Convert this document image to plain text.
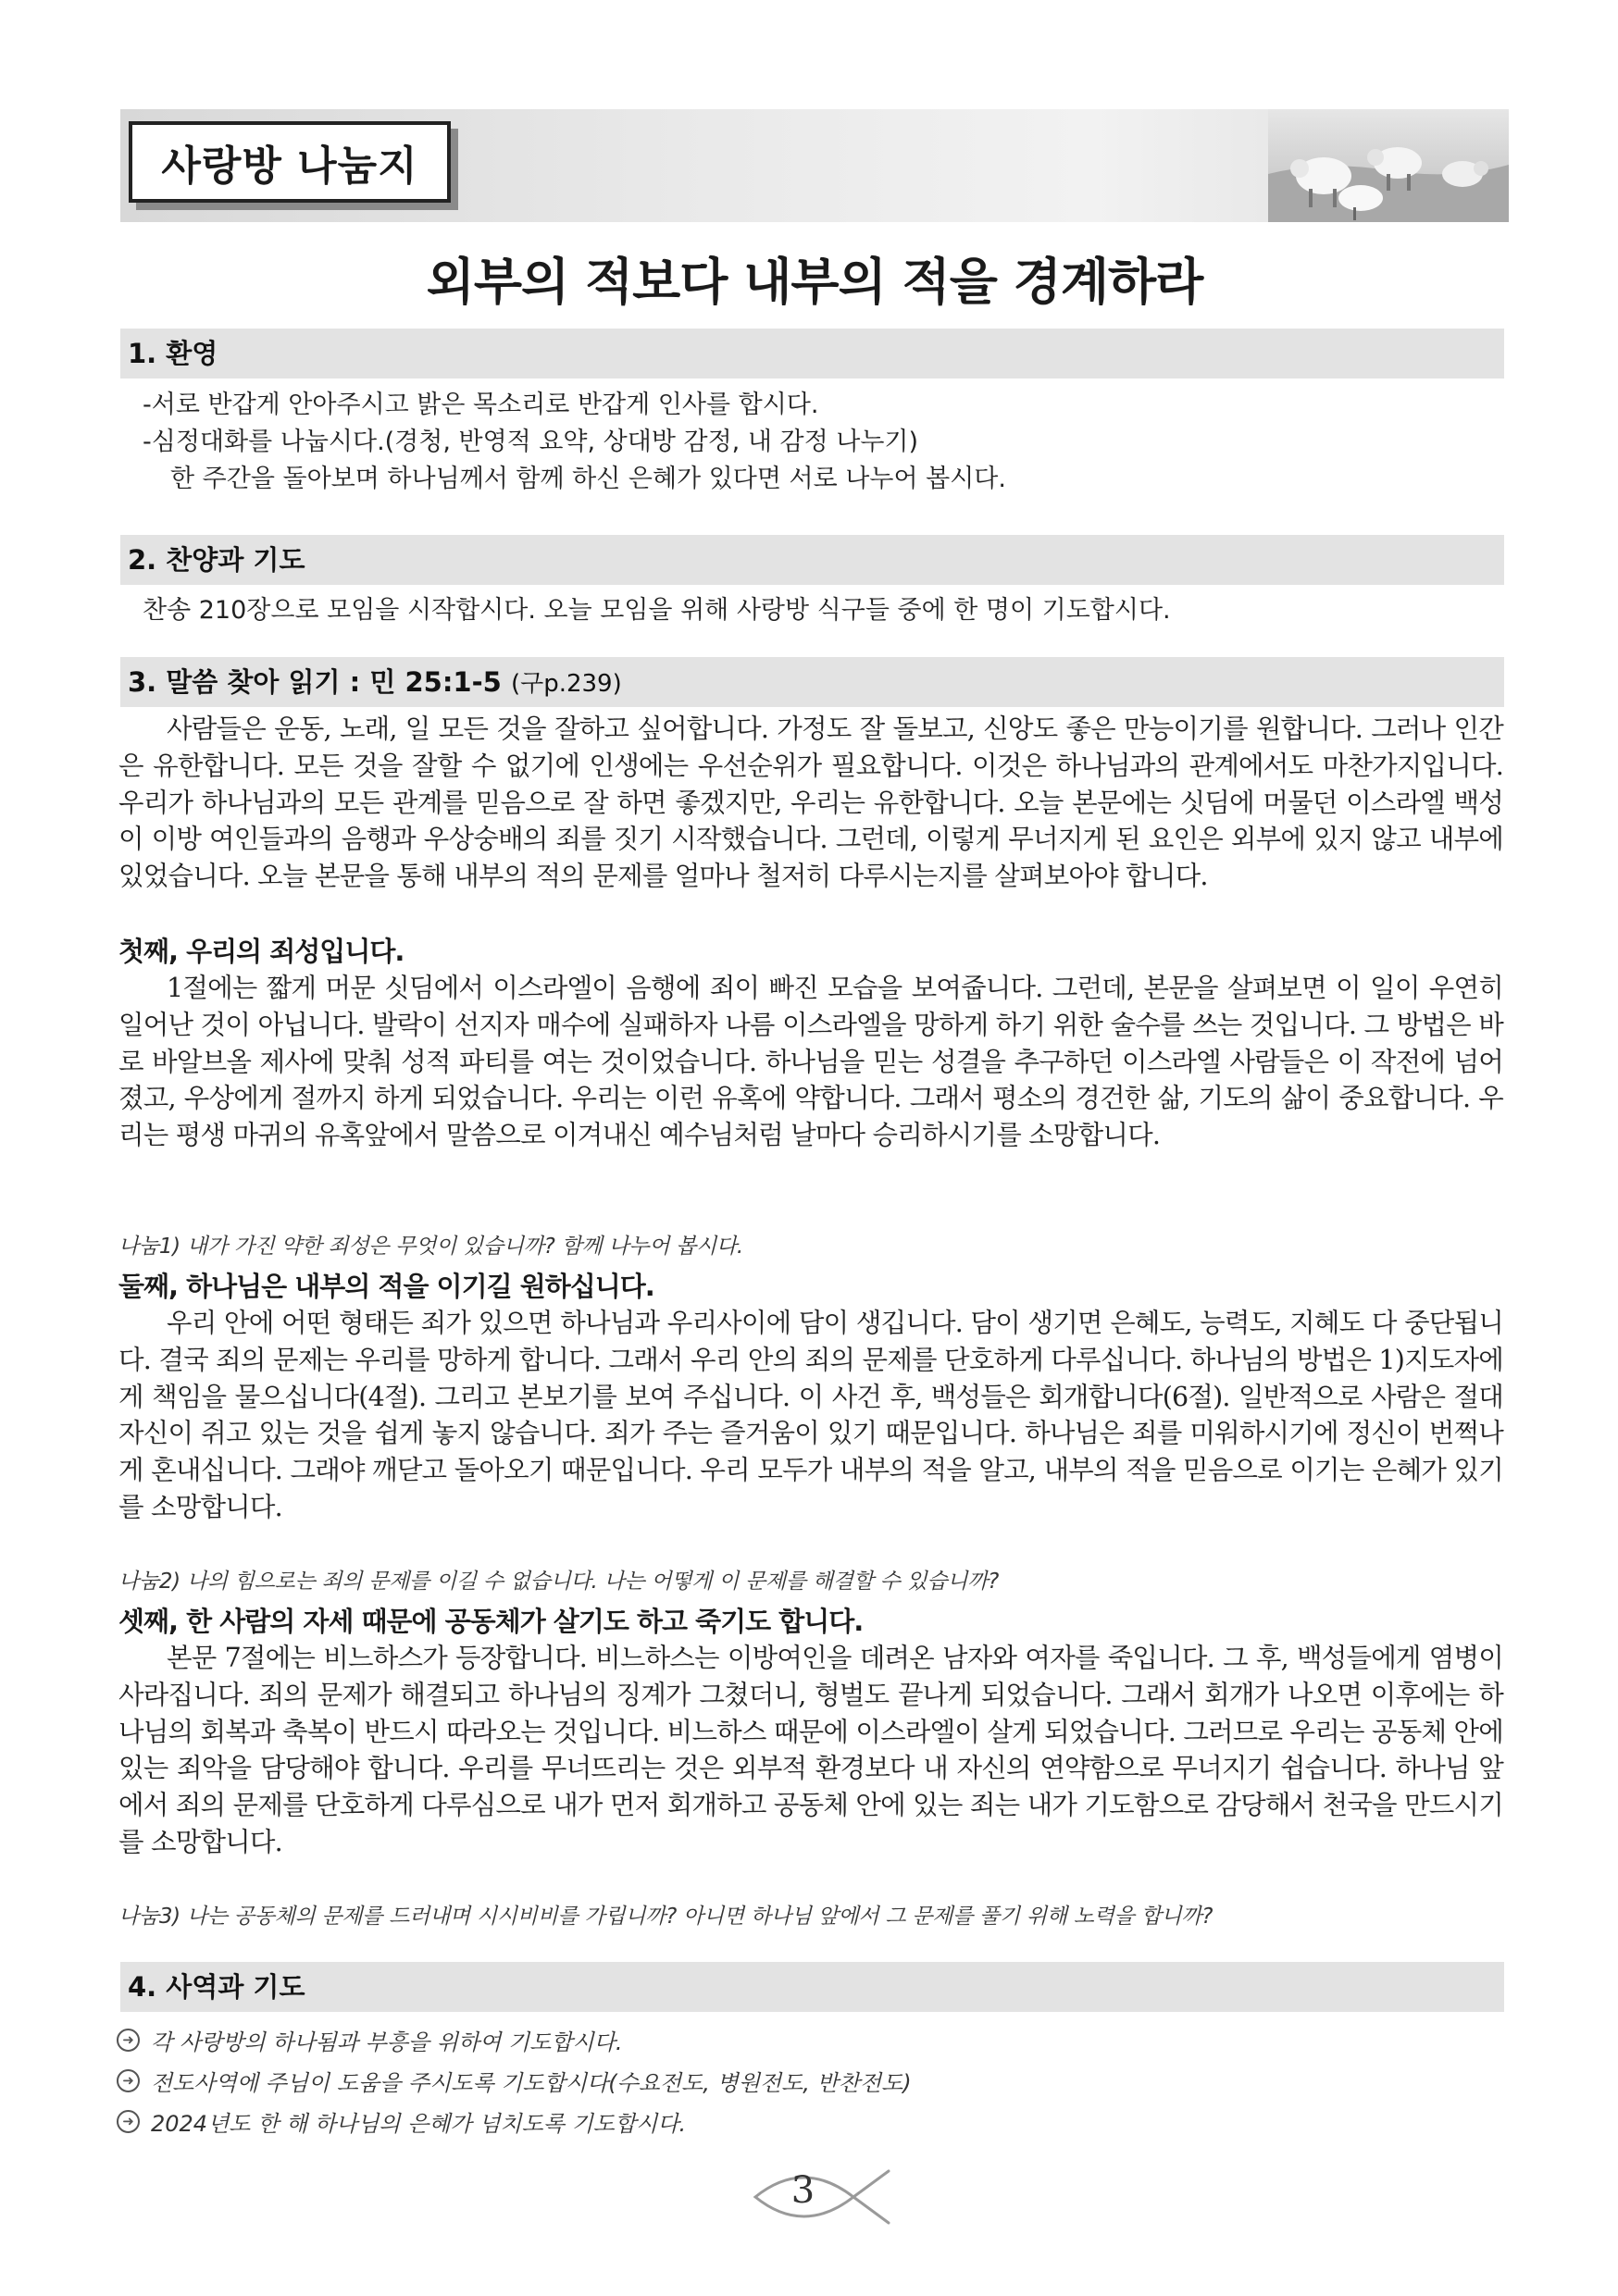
사랑방 나눔지
외부의 적보다 내부의 적을 경계하라
1. 환영
-서로 반갑게 안아주시고 밝은 목소리로 반갑게 인사를 합시다.
-심정대화를 나눕시다.(경청, 반영적 요약, 상대방 감정, 내 감정 나누기)
한 주간을 돌아보며 하나님께서 함께 하신 은혜가 있다면 서로 나누어 봅시다.
2. 찬양과 기도
찬송 210장으로 모임을 시작합시다. 오늘 모임을 위해 사랑방 식구들 중에 한 명이 기도합시다.
3. 말씀 찾아 읽기 : 민 25:1-5 (구p.239)

사람들은 운동, 노래, 일 모든 것을 잘하고 싶어합니다. 가정도 잘 돌보고, 신앙도 좋은 만능이기를 원합니다. 그러나 인간은 유한합니다. 모든 것을 잘할 수 없기에 인생에는 우선순위가 필요합니다. 이것은 하나님과의 관계에서도 마찬가지입니다. 우리가 하나님과의 모든 관계를 믿음으로 잘 하면 좋겠지만, 우리는 유한합니다. 오늘 본문에는 싯딤에 머물던 이스라엘 백성이 이방 여인들과의 음행과 우상숭배의 죄를 짓기 시작했습니다. 그런데, 이렇게 무너지게 된 요인은 외부에 있지 않고 내부에 있었습니다. 오늘 본문을 통해 내부의 적의 문제를 얼마나 철저히 다루시는지를 살펴보아야 합니다.

첫째, 우리의 죄성입니다.

1절에는 짧게 머문 싯딤에서 이스라엘이 음행에 죄이 빠진 모습을 보여줍니다. 그런데, 본문을 살펴보면 이 일이 우연히 일어난 것이 아닙니다. 발락이 선지자 매수에 실패하자 나름 이스라엘을 망하게 하기 위한 술수를 쓰는 것입니다. 그 방법은 바로 바알브올 제사에 맞춰 성적 파티를 여는 것이었습니다. 하나님을 믿는 성결을 추구하던 이스라엘 사람들은 이 작전에 넘어졌고, 우상에게 절까지 하게 되었습니다. 우리는 이런 유혹에 약합니다. 그래서 평소의 경건한 삶, 기도의 삶이 중요합니다. 우리는 평생 마귀의 유혹앞에서 말씀으로 이겨내신 예수님처럼 날마다 승리하시기를 소망합니다.

나눔1) 내가 가진 약한 죄성은 무엇이 있습니까? 함께 나누어 봅시다.
둘째, 하나님은 내부의 적을 이기길 원하십니다.

우리 안에 어떤 형태든 죄가 있으면 하나님과 우리사이에 담이 생깁니다. 담이 생기면 은혜도, 능력도, 지혜도 다 중단됩니다. 결국 죄의 문제는 우리를 망하게 합니다. 그래서 우리 안의 죄의 문제를 단호하게 다루십니다. 하나님의 방법은 1)지도자에게 책임을 물으십니다(4절). 그리고 본보기를 보여 주십니다. 이 사건 후, 백성들은 회개합니다(6절). 일반적으로 사람은 절대 자신이 쥐고 있는 것을 쉽게 놓지 않습니다. 죄가 주는 즐거움이 있기 때문입니다. 하나님은 죄를 미워하시기에 정신이 번쩍나게 혼내십니다. 그래야 깨닫고 돌아오기 때문입니다. 우리 모두가 내부의 적을 알고, 내부의 적을 믿음으로 이기는 은혜가 있기를 소망합니다.

나눔2) 나의 힘으로는 죄의 문제를 이길 수 없습니다. 나는 어떻게 이 문제를 해결할 수 있습니까?
셋째, 한 사람의 자세 때문에 공동체가 살기도 하고 죽기도 합니다.

본문 7절에는 비느하스가 등장합니다. 비느하스는 이방여인을 데려온 남자와 여자를 죽입니다. 그 후, 백성들에게 염병이 사라집니다. 죄의 문제가 해결되고 하나님의 징계가 그쳤더니, 형벌도 끝나게 되었습니다. 그래서 회개가 나오면 이후에는 하나님의 회복과 축복이 반드시 따라오는 것입니다. 비느하스 때문에 이스라엘이 살게 되었습니다. 그러므로 우리는 공동체 안에 있는 죄악을 담당해야 합니다. 우리를 무너뜨리는 것은 외부적 환경보다 내 자신의 연약함으로 무너지기 쉽습니다. 하나님 앞에서 죄의 문제를 단호하게 다루심으로 내가 먼저 회개하고 공동체 안에 있는 죄는 내가 기도함으로 감당해서 천국을 만드시기를 소망합니다.

나눔3) 나는 공동체의 문제를 드러내며 시시비비를 가립니까? 아니면 하나님 앞에서 그 문제를 풀기 위해 노력을 합니까?
4. 사역과 기도
➜ 각 사랑방의 하나됨과 부흥을 위하여 기도합시다.
➜ 전도사역에 주님이 도움을 주시도록 기도합시다(수요전도, 병원전도, 반찬전도)
➜ 2024년도 한 해 하나님의 은혜가 넘치도록 기도합시다.
3
